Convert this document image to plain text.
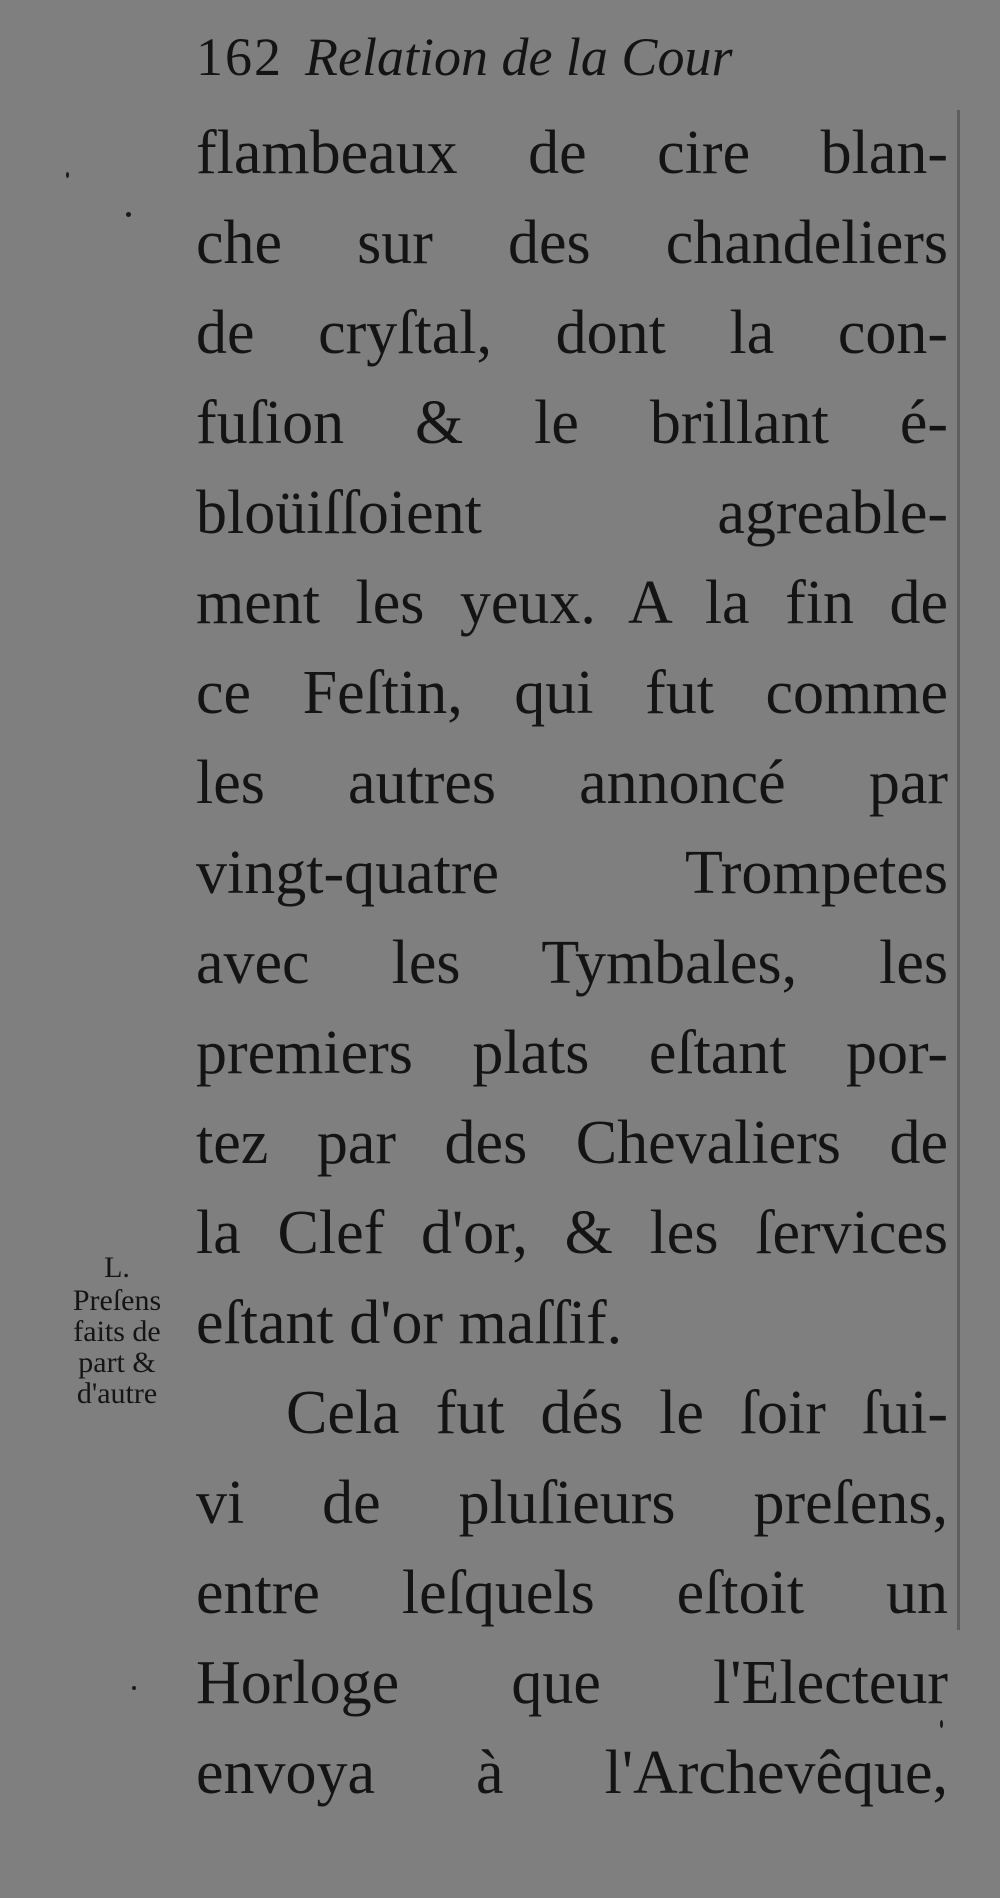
162 Relation de la Cour
flambeaux de cire blan-
che sur des chandeliers
de cryſtal, dont la con-
fuſion & le brillant é-
bloüiſſoient agreable-
ment les yeux. A la fin de
ce Feſtin, qui fut comme
les autres annoncé par
vingt-quatre Trompetes
avec les Tymbales, les
premiers plats eſtant por-
tez par des Chevaliers de
la Clef d'or, & les ſervices
eſtant d'or maſſif.
Cela fut dés le ſoir ſui-
vi de pluſieurs preſens,
entre leſquels eſtoit un
Horloge que l'Electeur
envoya à l'Archevêque,
L.
Preſens
faits de
part &
d'autre
